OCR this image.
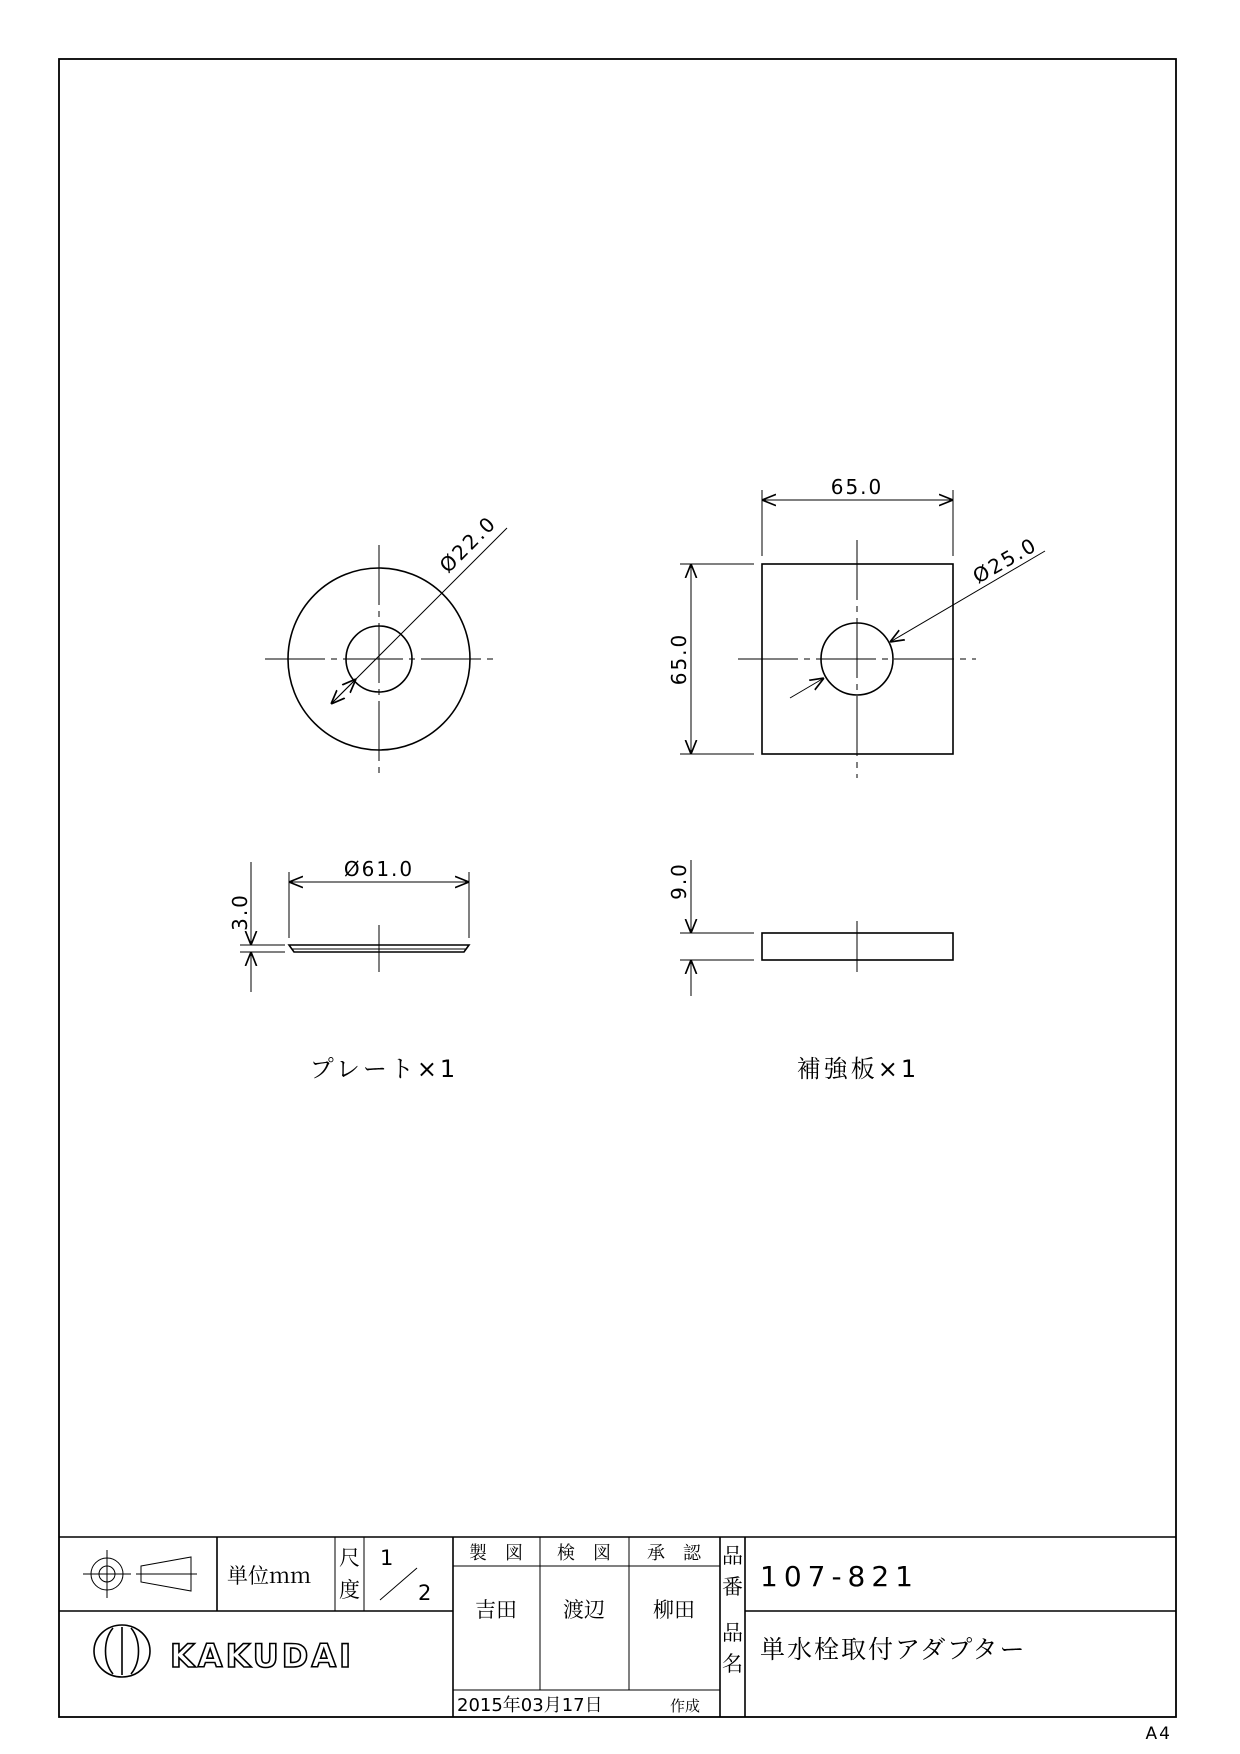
Ø22.0
Ø61.0
3.0
65.0
65.0
Ø25.0
9.0
プレート×1	補強板×1
単位ｍｍ
尺
度
1
2
製　図 検　図 承　認
吉田 渡辺 柳田
2015年03月17日	作成
品
番 107-821
品
名 単水栓取付アダプター
KAKUDAI
A4
